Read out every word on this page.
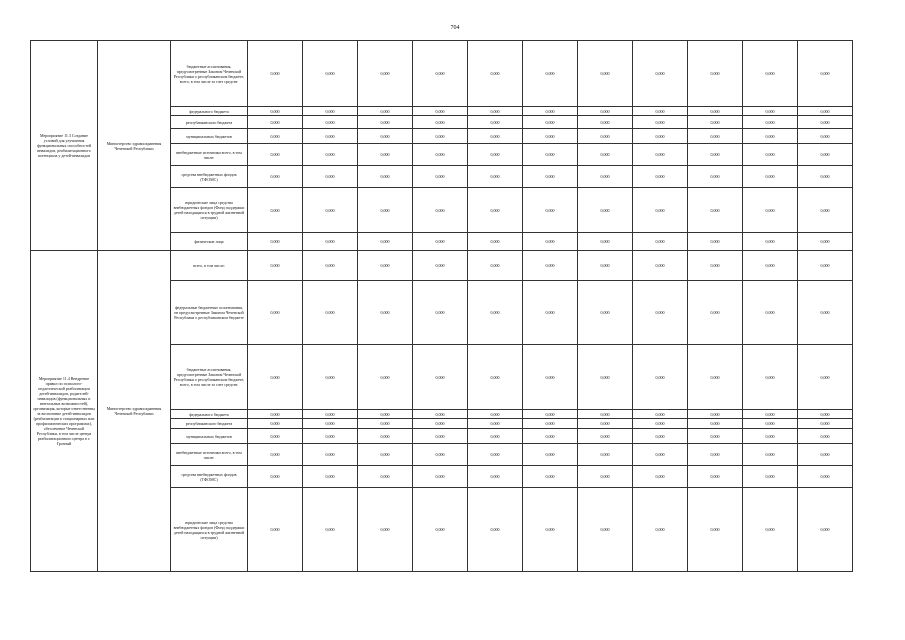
704
Мероприятие 11.3 Создание условий для улучшения функциональных способностей инвалидов, реабилитационного потенциала у детей-инвалидов	Министерство здравоохранения Чеченской Республики	бюджетные ассигнования, предусмотренные Законом Чеченской Республики о республиканском бюджете, всего, в том числе за счет средств:	0,000	0,000	0,000	0,000	0,000	0,000	0,000	0,000	0,000	0,000	0,000
		федерального бюджета	0,000	0,000	0,000	0,000	0,000	0,000	0,000	0,000	0,000	0,000	0,000
		республиканского бюджета	0,000	0,000	0,000	0,000	0,000	0,000	0,000	0,000	0,000	0,000	0,000
		муниципальных бюджетов	0,000	0,000	0,000	0,000	0,000	0,000	0,000	0,000	0,000	0,000	0,000
		внебюджетные источники всего, в том числе:	0,000	0,000	0,000	0,000	0,000	0,000	0,000	0,000	0,000	0,000	0,000
		средства внебюджетных фондов (ТФОМС)	0,000	0,000	0,000	0,000	0,000	0,000	0,000	0,000	0,000	0,000	0,000
		юридические лица средства внебюджетных фондов (Фонд поддержки детей находящихся в трудной жизненной ситуации)	0,000	0,000	0,000	0,000	0,000	0,000	0,000	0,000	0,000	0,000	0,000
		физические лица	0,000	0,000	0,000	0,000	0,000	0,000	0,000	0,000	0,000	0,000	0,000
Мероприятие 11.4 Внедрение правил по психолого-педагогической реабилитации детей-инвалидов, родителей-инвалидов (функциональных и ментальных возможностей), организация, которые ответственны за воспитание детей-инвалидов (реабилитации в стационарных или профилактических программах), обеспечение Чеченской Республики, в том числе центра реабилитационного центра в г. Грозный	Министерство здравоохранения Чеченской Республики	всего, в том числе:	0,000	0,000	0,000	0,000	0,000	0,000	0,000	0,000	0,000	0,000	0,000
		федеральные бюджетные ассигнования, не предусмотренные Законом Чеченской Республики о республиканском бюджете	0,000	0,000	0,000	0,000	0,000	0,000	0,000	0,000	0,000	0,000	0,000
		бюджетные ассигнования, предусмотренные Законом Чеченской Республики о республиканском бюджете, всего, в том числе за счет средств:	0,000	0,000	0,000	0,000	0,000	0,000	0,000	0,000	0,000	0,000	0,000
		федерального бюджета	0,000	0,000	0,000	0,000	0,000	0,000	0,000	0,000	0,000	0,000	0,000
		республиканского бюджета	0,000	0,000	0,000	0,000	0,000	0,000	0,000	0,000	0,000	0,000	0,000
		муниципальных бюджетов	0,000	0,000	0,000	0,000	0,000	0,000	0,000	0,000	0,000	0,000	0,000
		внебюджетные источники всего, в том числе:	0,000	0,000	0,000	0,000	0,000	0,000	0,000	0,000	0,000	0,000	0,000
		средства внебюджетных фондов (ТФОМС)	0,000	0,000	0,000	0,000	0,000	0,000	0,000	0,000	0,000	0,000	0,000
		юридические лица средства внебюджетных фондов (Фонд поддержки детей находящихся в трудной жизненной ситуации)	0,000	0,000	0,000	0,000	0,000	0,000	0,000	0,000	0,000	0,000	0,000
